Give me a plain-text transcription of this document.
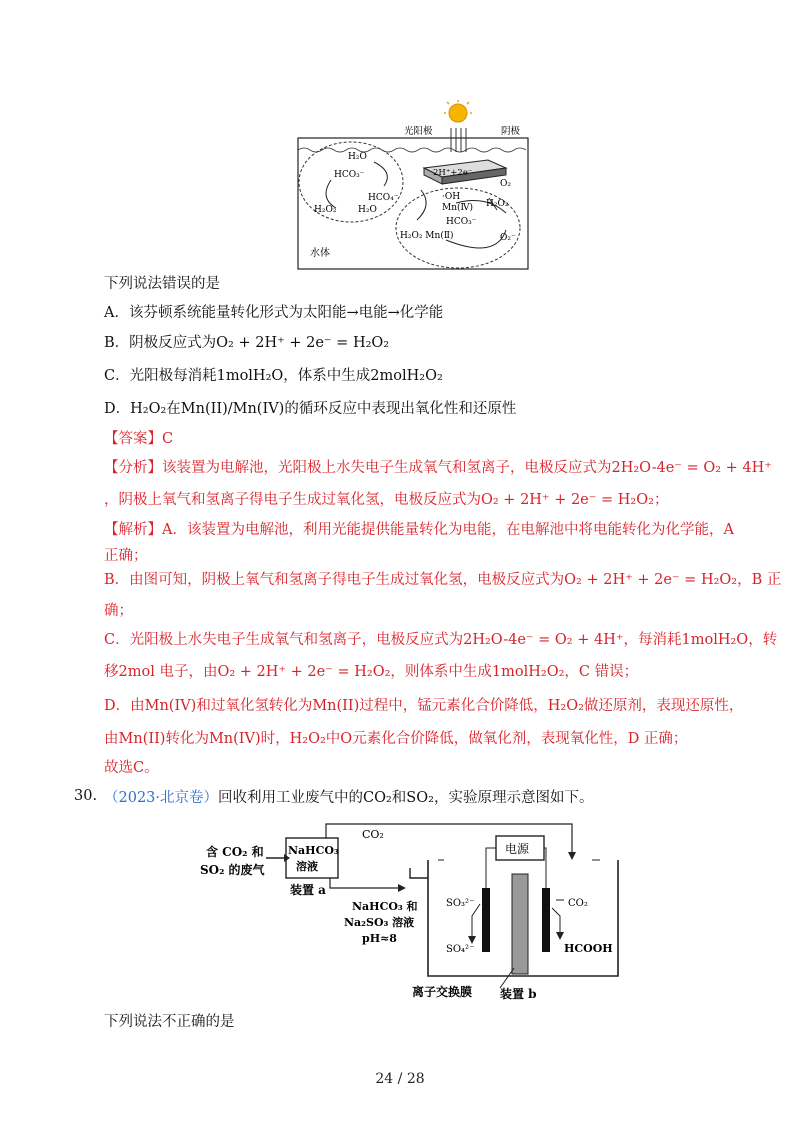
光阳极	阴极
H₂O
HCO₃⁻
HCO₄⁻
H₂O₂ H₂O
2H⁺+2e⁻
O₂
·OH
Mn(Ⅳ) H₂O₂
HCO₃⁻
H₂O₂ Mn(Ⅱ)	O₂⁻
水体
下列说法错误的是
A．该芬顿系统能量转化形式为太阳能→电能→化学能
B．阴极反应式为O₂ + 2H⁺ + 2e⁻ = H₂O₂
C．光阳极每消耗1molH₂O，体系中生成2molH₂O₂
D．H₂O₂在Mn(II)/Mn(IV)的循环反应中表现出氧化性和还原性
【答案】C
【分析】该装置为电解池，光阳极上水失电子生成氧气和氢离子，电极反应式为2H₂O-4e⁻ = O₂ + 4H⁺
，阴极上氧气和氢离子得电子生成过氧化氢，电极反应式为O₂ + 2H⁺ + 2e⁻ = H₂O₂；
【解析】A．该装置为电解池，利用光能提供能量转化为电能，在电解池中将电能转化为化学能，A
正确；
B．由图可知，阴极上氧气和氢离子得电子生成过氧化氢，电极反应式为O₂ + 2H⁺ + 2e⁻ = H₂O₂，B 正
确；
C．光阳极上水失电子生成氧气和氢离子，电极反应式为2H₂O-4e⁻ = O₂ + 4H⁺，每消耗1molH₂O，转
移2mol 电子，由O₂ + 2H⁺ + 2e⁻ = H₂O₂，则体系中生成1molH₂O₂，C 错误；
D．由Mn(IV)和过氧化氢转化为Mn(II)过程中，锰元素化合价降低，H₂O₂做还原剂，表现还原性，
由Mn(II)转化为Mn(IV)时，H₂O₂中O元素化合价降低，做氧化剂，表现氧化性，D 正确；
故选C。
30. （2023·北京卷）回收利用工业废气中的CO₂和SO₂，实验原理示意图如下。
含 CO₂ 和
SO₂ 的废气
NaHCO₃
溶液
装置 a
CO₂
NaHCO₃ 和
Na₂SO₃ 溶液
pH≈8
电源
SO₃²⁻
SO₄²⁻
CO₂
HCOOH
离子交换膜 装置 b
下列说法不正确的是
24 / 28
